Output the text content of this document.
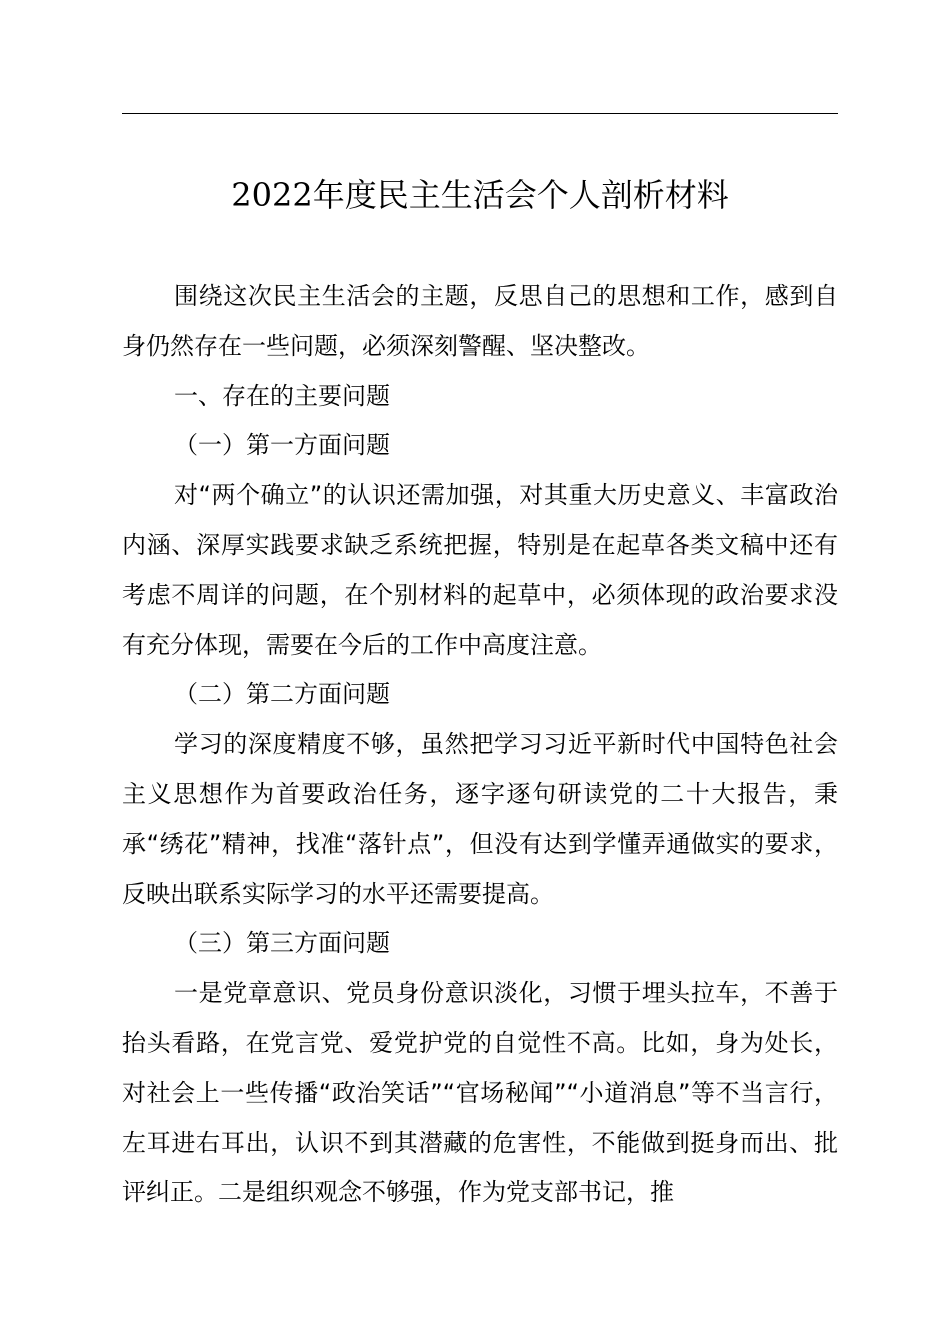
2022年度民主生活会个人剖析材料

围绕这次民主生活会的主题，反思自己的思想和工作，感到自身仍然存在一些问题，必须深刻警醒、坚决整改。

一、存在的主要问题

（一）第一方面问题

对“两个确立”的认识还需加强，对其重大历史意义、丰富政治内涵、深厚实践要求缺乏系统把握，特别是在起草各类文稿中还有考虑不周详的问题，在个别材料的起草中，必须体现的政治要求没有充分体现，需要在今后的工作中高度注意。

（二）第二方面问题

学习的深度精度不够，虽然把学习习近平新时代中国特色社会主义思想作为首要政治任务，逐字逐句研读党的二十大报告，秉承“绣花”精神，找准“落针点”，但没有达到学懂弄通做实的要求，反映出联系实际学习的水平还需要提高。

（三）第三方面问题

一是党章意识、党员身份意识淡化，习惯于埋头拉车，不善于抬头看路，在党言党、爱党护党的自觉性不高。比如，身为处长，对社会上一些传播“政治笑话”“官场秘闻”“小道消息”等不当言行，左耳进右耳出，认识不到其潜藏的危害性，不能做到挺身而出、批评纠正。二是组织观念不够强，作为党支部书记，推
